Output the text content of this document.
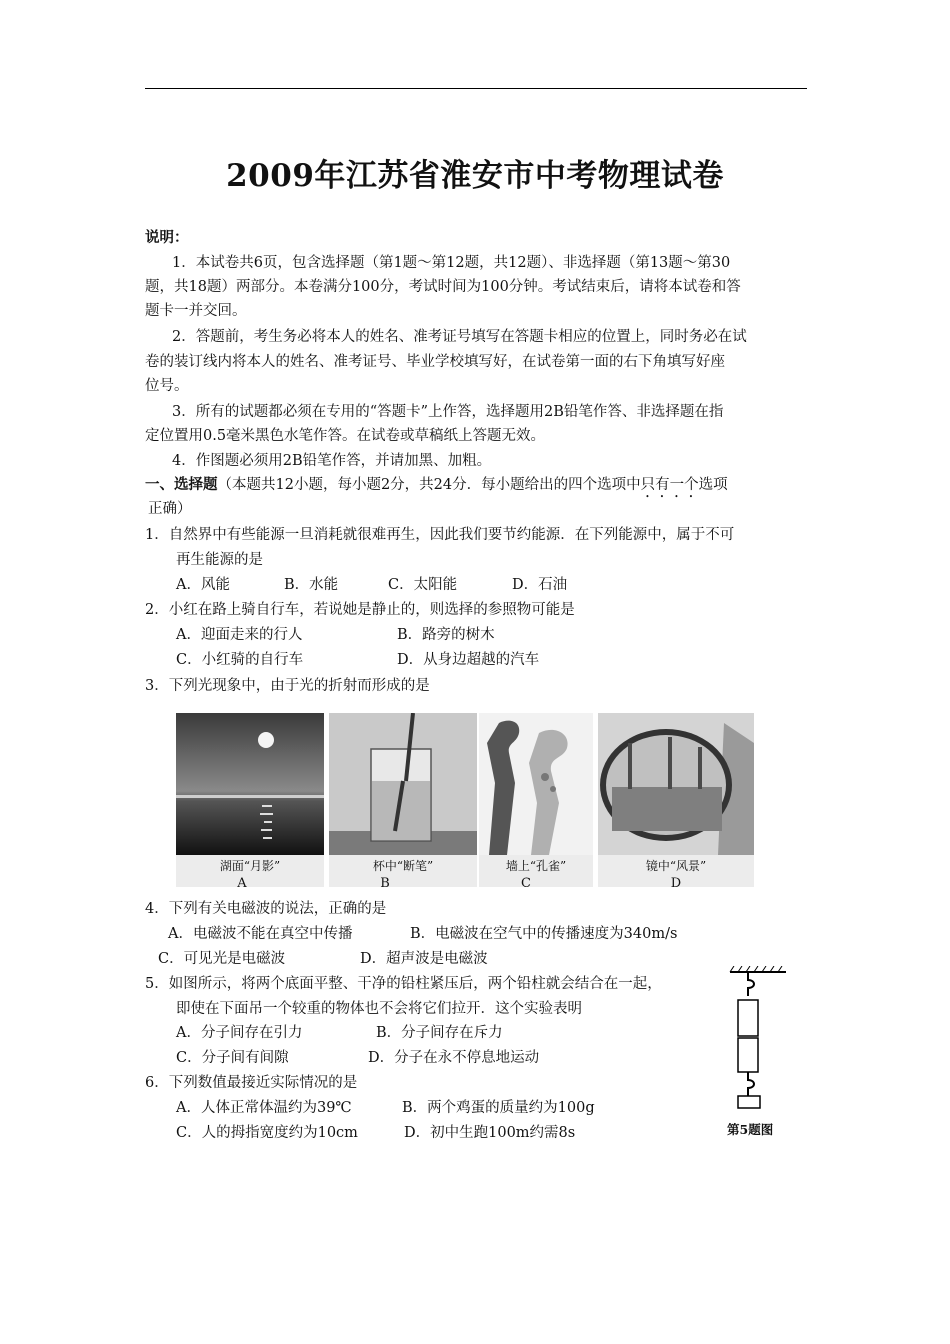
2009年江苏省淮安市中考物理试卷
说明：
1．本试卷共6页，包含选择题（第1题～第12题，共12题）、非选择题（第13题～第30
题，共18题）两部分。本卷满分100分，考试时间为100分钟。考试结束后，请将本试卷和答
题卡一并交回。
2．答题前，考生务必将本人的姓名、准考证号填写在答题卡相应的位置上，同时务必在试
卷的装订线内将本人的姓名、准考证号、毕业学校填写好，在试卷第一面的右下角填写好座
位号。
3．所有的试题都必须在专用的“答题卡”上作答，选择题用2B铅笔作答、非选择题在指
定位置用0.5毫米黑色水笔作答。在试卷或草稿纸上答题无效。
4．作图题必须用2B铅笔作答，并请加黑、加粗。
一、选择题（本题共12小题，每小题2分，共24分．每小题给出的四个选项中只有一个选项
正确）
1．自然界中有些能源一旦消耗就很难再生，因此我们要节约能源．在下列能源中，属于不可
再生能源的是
A．风能	B．水能	C．太阳能	D．石油
2．小红在路上骑自行车，若说她是静止的，则选择的参照物可能是
A．迎面走来的行人	B．路旁的树木
C．小红骑的自行车	D．从身边超越的汽车
3．下列光现象中，由于光的折射而形成的是
湖面“月影”	杯中“断笔”	墙上“孔雀”	镜中“风景”
A	B	C	D
4．下列有关电磁波的说法，正确的是
A．电磁波不能在真空中传播	B．电磁波在空气中的传播速度为340m/s
C．可见光是电磁波	D．超声波是电磁波
5．如图所示，将两个底面平整、干净的铅柱紧压后，两个铅柱就会结合在一起，
即使在下面吊一个较重的物体也不会将它们拉开．这个实验表明
A．分子间存在引力	B．分子间存在斥力
C．分子间有间隙	D．分子在永不停息地运动
第5题图
6．下列数值最接近实际情况的是
A．人体正常体温约为39℃	B．两个鸡蛋的质量约为100g
C．人的拇指宽度约为10cm	D．初中生跑100m约需8s
